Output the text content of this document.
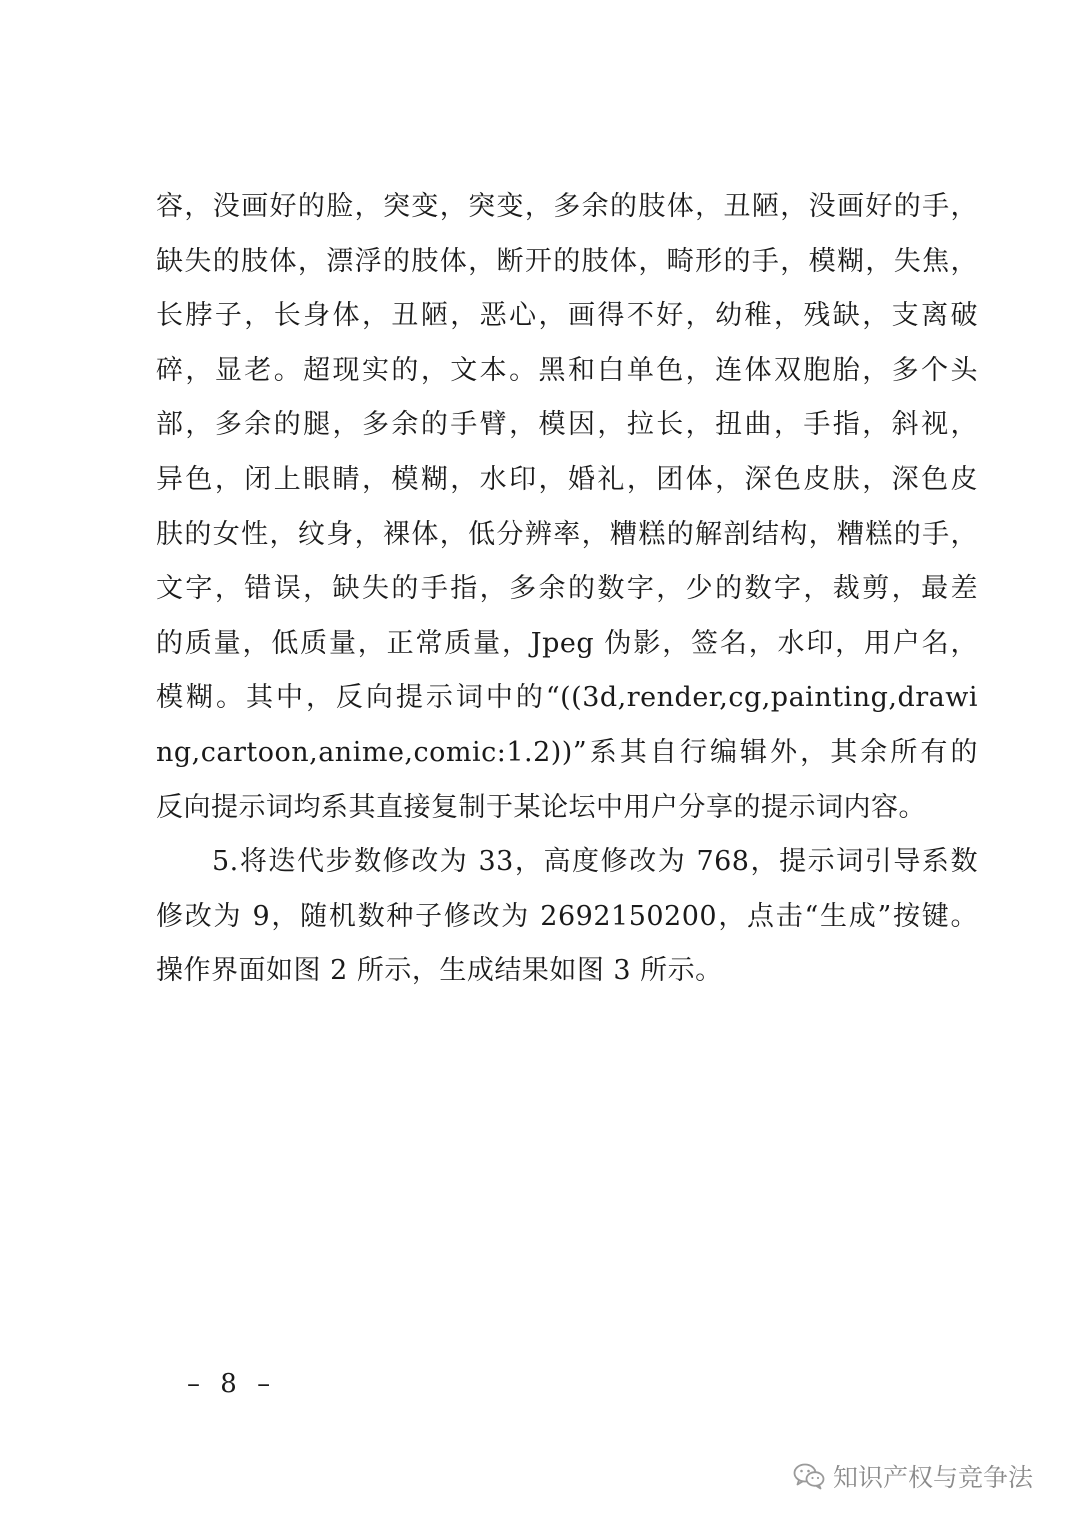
容，没画好的脸，突变，突变，多余的肢体，丑陋，没画好的手，
缺失的肢体，漂浮的肢体，断开的肢体，畸形的手，模糊，失焦，
长脖子，长身体，丑陋，恶心，画得不好，幼稚，残缺，支离破
碎，显老。超现实的，文本。黑和白单色，连体双胞胎，多个头
部，多余的腿，多余的手臂，模因，拉长，扭曲，手指，斜视，
异色，闭上眼睛，模糊，水印，婚礼，团体，深色皮肤，深色皮
肤的女性，纹身，裸体，低分辨率，糟糕的解剖结构，糟糕的手，
文字，错误，缺失的手指，多余的数字，少的数字，裁剪，最差
的质量，低质量，正常质量，Jpeg 伪影，签名，水印，用户名，
模糊。其中，反向提示词中的“((3d,render,cg,painting,drawi
ng,cartoon,anime,comic:1.2))”系其自行编辑外，其余所有的
反向提示词均系其直接复制于某论坛中用户分享的提示词内容。
5.将迭代步数修改为 33，高度修改为 768，提示词引导系数
修改为 9，随机数种子修改为 2692150200，点击“生成”按键。
操作界面如图 2 所示，生成结果如图 3 所示。
– 8 –
知识产权与竞争法
